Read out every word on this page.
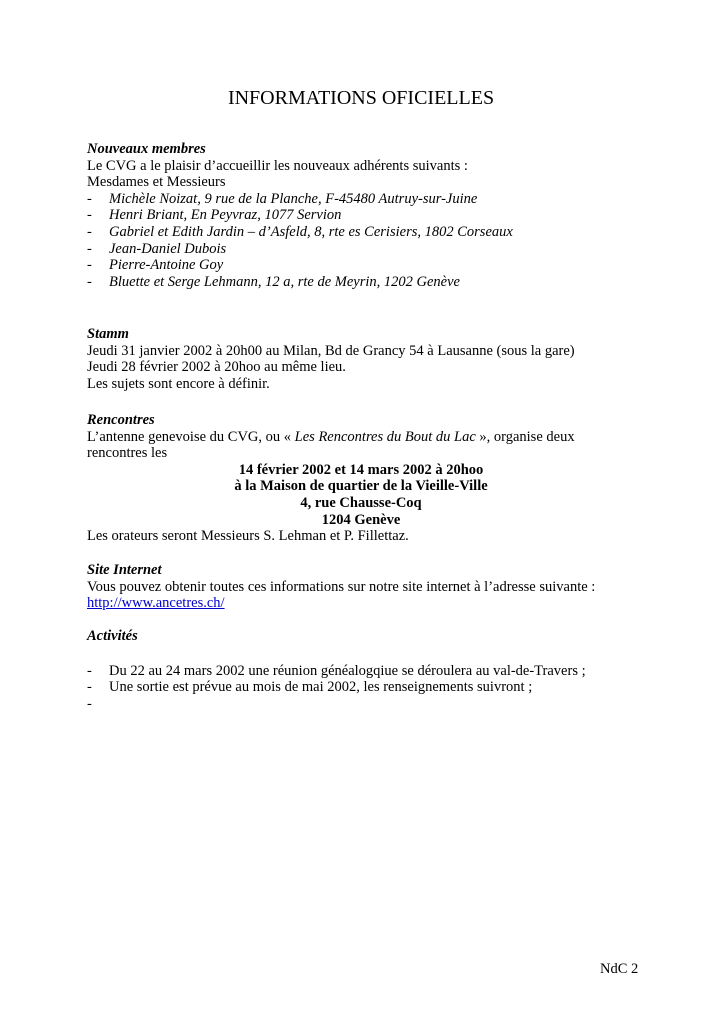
INFORMATIONS OFICIELLES
Nouveaux membres
Le CVG a le plaisir d’accueillir les nouveaux adhérents suivants :
Mesdames et Messieurs
- Michèle Noizat, 9 rue de la Planche, F-45480 Autruy-sur-Juine
- Henri Briant, En Peyvraz, 1077 Servion
- Gabriel et Edith Jardin – d’Asfeld, 8, rte es Cerisiers, 1802 Corseaux
- Jean-Daniel Dubois
- Pierre-Antoine Goy
- Bluette et Serge Lehmann, 12 a, rte de Meyrin, 1202 Genève
Stamm
Jeudi 31 janvier 2002 à 20h00 au Milan, Bd de Grancy 54 à Lausanne (sous la gare)
Jeudi 28 février 2002 à 20hoo au même lieu.
Les sujets sont encore à définir.
Rencontres
L’antenne genevoise du CVG, ou « Les Rencontres du Bout du Lac », organise deux
rencontres les
14 février 2002 et 14 mars 2002 à 20hoo
à la Maison de quartier de la Vieille-Ville
4, rue Chausse-Coq
1204 Genève
Les orateurs seront Messieurs S. Lehman et P. Fillettaz.
Site Internet
Vous pouvez obtenir toutes ces informations sur notre site internet à l’adresse suivante :
http://www.ancetres.ch/
Activités
- Du 22 au 24 mars 2002 une réunion généalogqiue se déroulera au val-de-Travers ;
- Une sortie est prévue au mois de mai 2002, les renseignements suivront ;
-
NdC 2
